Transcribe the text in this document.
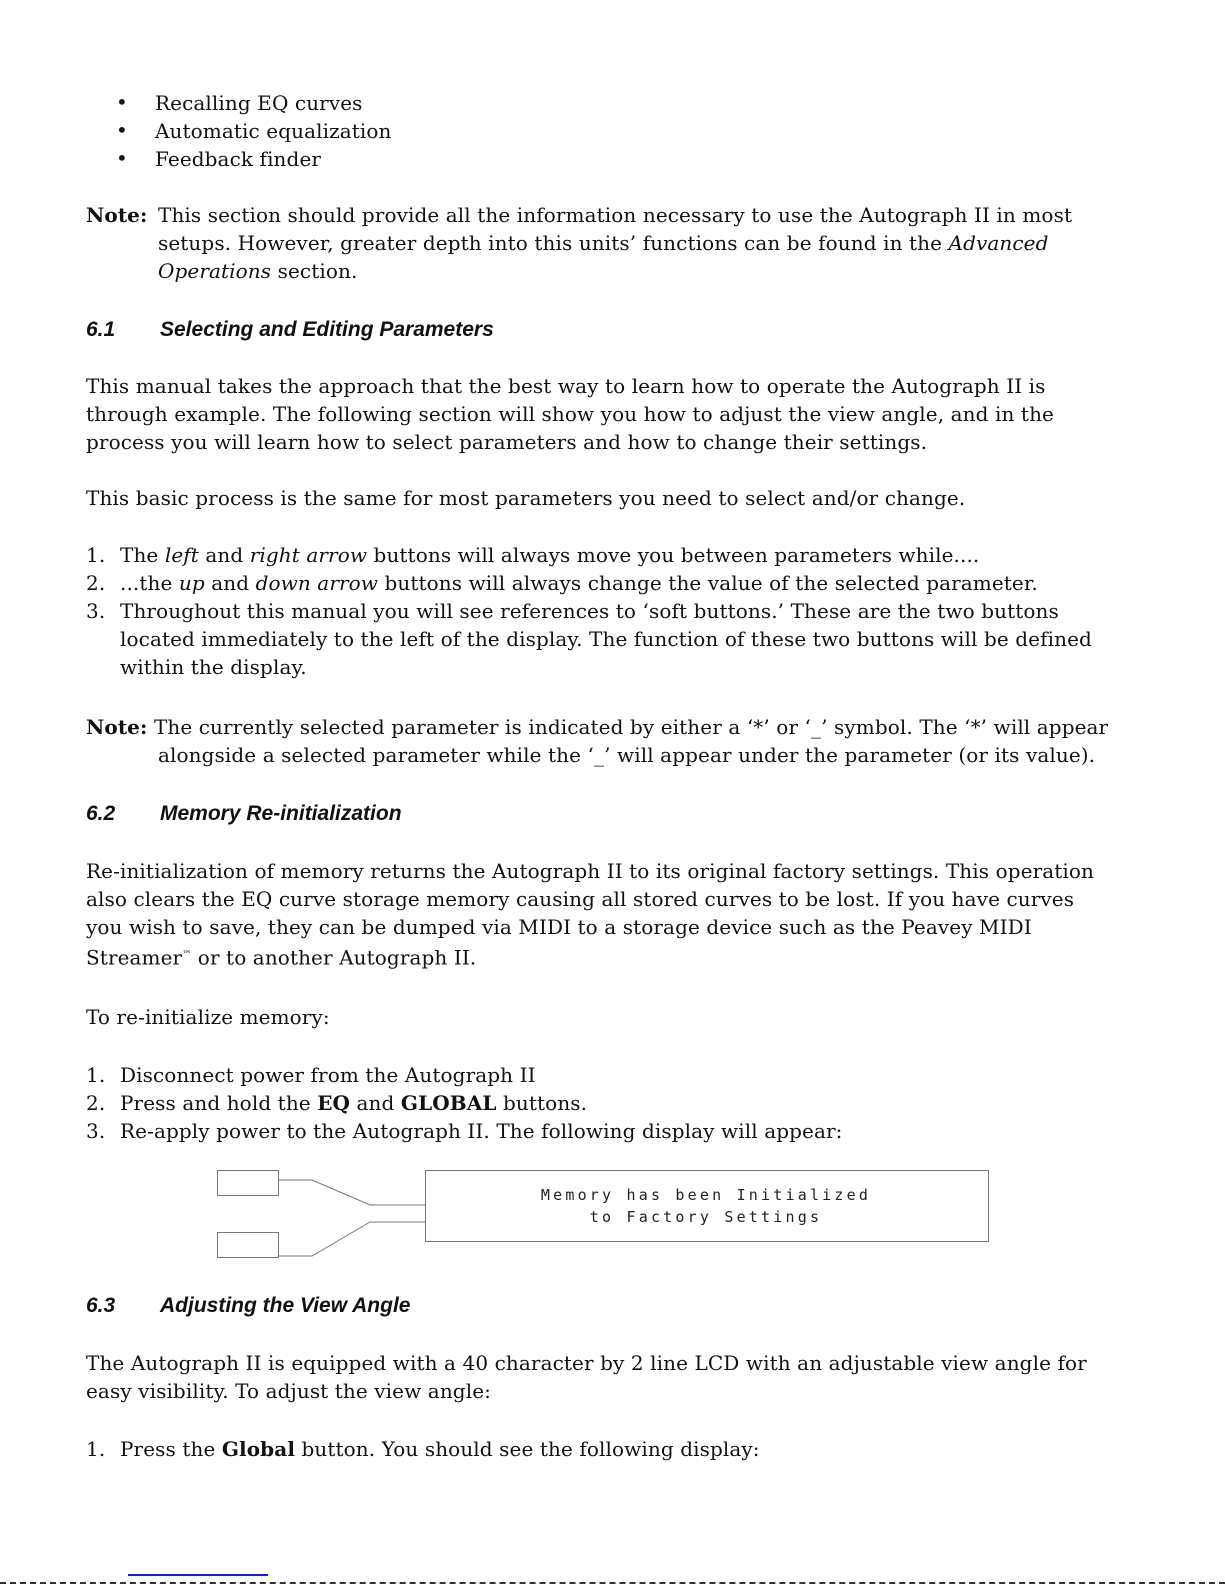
• Recalling EQ curves
• Automatic equalization
• Feedback finder
Note: This section should provide all the information necessary to use the Autograph II in most
setups. However, greater depth into this units’ functions can be found in the Advanced
Operations section.
6.1 Selecting and Editing Parameters
This manual takes the approach that the best way to learn how to operate the Autograph II is
through example. The following section will show you how to adjust the view angle, and in the
process you will learn how to select parameters and how to change their settings.
This basic process is the same for most parameters you need to select and/or change.
1. The left and right arrow buttons will always move you between parameters while....
2. ...the up and down arrow buttons will always change the value of the selected parameter.
3. Throughout this manual you will see references to ‘soft buttons.’ These are the two buttons
located immediately to the left of the display. The function of these two buttons will be defined
within the display.
Note: The currently selected parameter is indicated by either a ‘*’ or ‘_’ symbol. The ‘*’ will appear
alongside a selected parameter while the ‘_’ will appear under the parameter (or its value).
6.2 Memory Re-initialization
Re-initialization of memory returns the Autograph II to its original factory settings. This operation
also clears the EQ curve storage memory causing all stored curves to be lost. If you have curves
you wish to save, they can be dumped via MIDI to a storage device such as the Peavey MIDI
Streamer™ or to another Autograph II.
To re-initialize memory:
1. Disconnect power from the Autograph II
2. Press and hold the EQ and GLOBAL buttons.
3. Re-apply power to the Autograph II. The following display will appear:
Memory has been Initialized
to Factory Settings
6.3 Adjusting the View Angle
The Autograph II is equipped with a 40 character by 2 line LCD with an adjustable view angle for
easy visibility. To adjust the view angle:
1. Press the Global button. You should see the following display:
